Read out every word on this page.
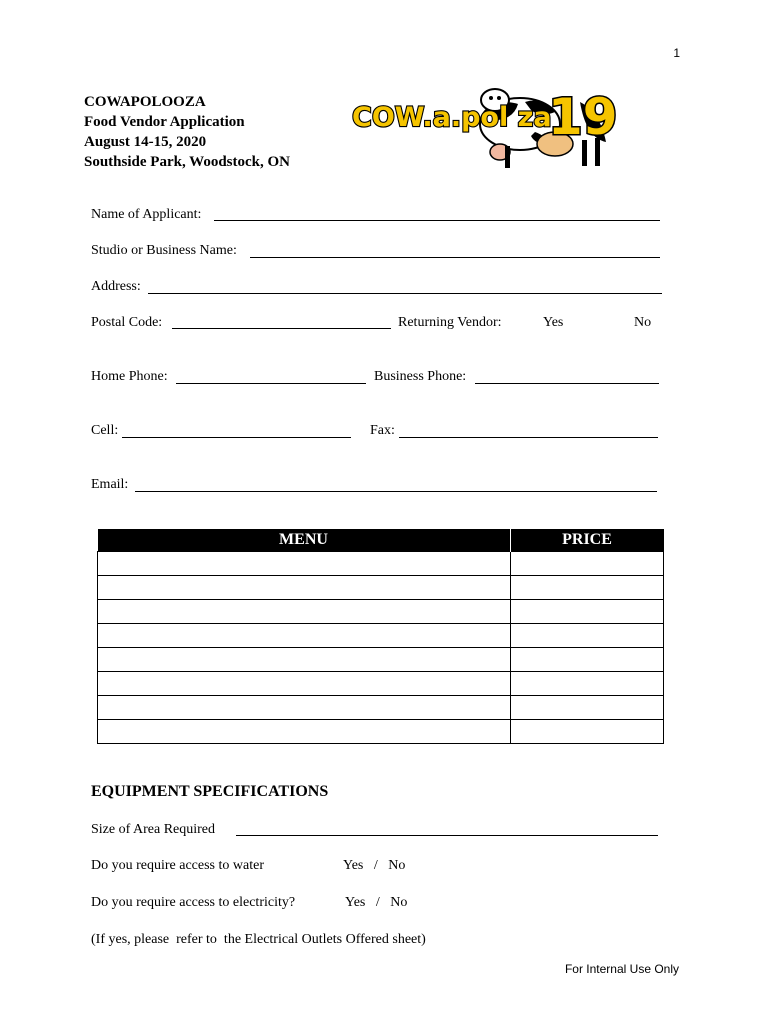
1
COWAPOLOOZA
Food Vendor Application
August 14-15, 2020
Southside Park, Woodstock, ON
COW.a.pol za
19
Name of Applicant:
Studio or Business Name:
Address:
Postal Code:	Returning Vendor:	Yes	No
Home Phone:	Business Phone:
Cell:	Fax:
Email:
MENU	PRICE

EQUIPMENT SPECIFICATIONS
Size of Area Required
Do you require access to water	Yes   /   No
Do you require access to electricity?	Yes   /   No
(If yes, please  refer to  the Electrical Outlets Offered sheet)
For Internal Use Only
